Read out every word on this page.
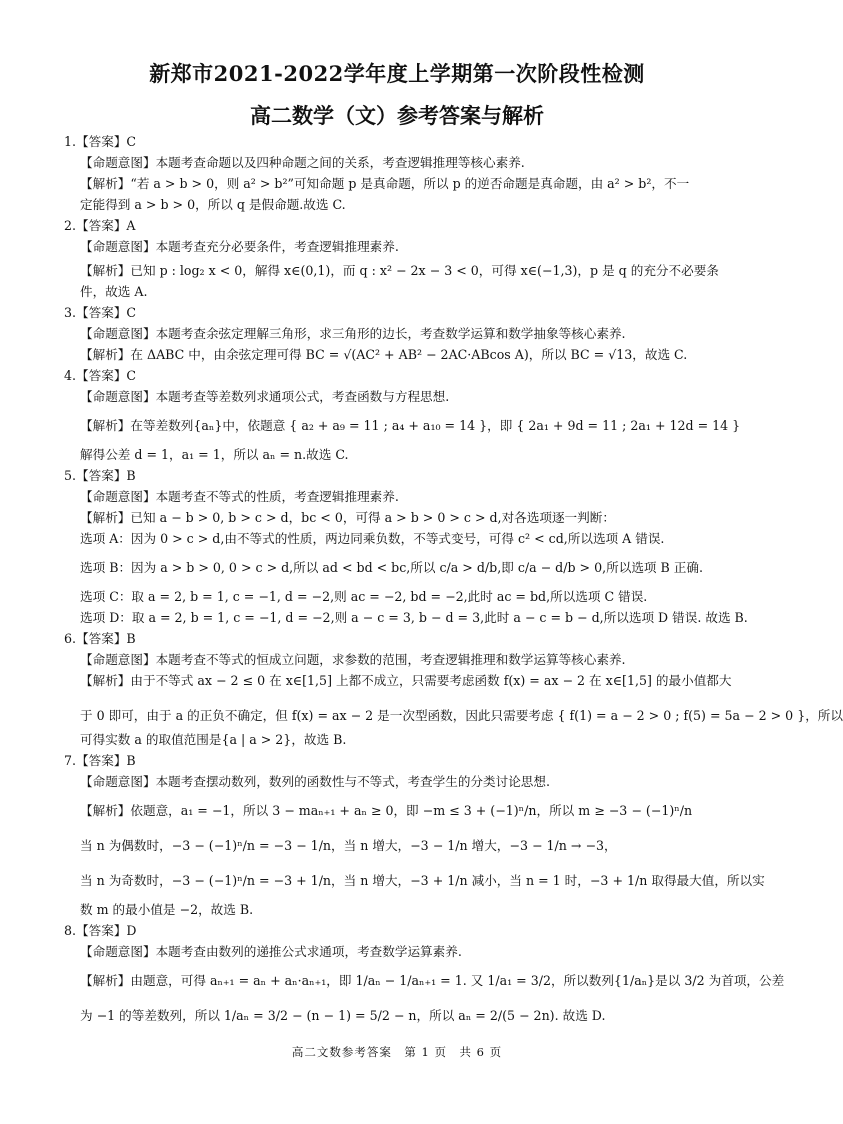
新郑市2021-2022学年度上学期第一次阶段性检测
高二数学（文）参考答案与解析
1.【答案】C
【命题意图】本题考查命题以及四种命题之间的关系，考查逻辑推理等核心素养.
【解析】“若 a > b > 0，则 a² > b²”可知命题 p 是真命题，所以 p 的逆否命题是真命题，由 a² > b²，不一
定能得到 a > b > 0，所以 q 是假命题.故选 C.
2.【答案】A
【命题意图】本题考查充分必要条件，考查逻辑推理素养.
【解析】已知 p : log₂ x < 0，解得 x∈(0,1)，而 q : x² − 2x − 3 < 0，可得 x∈(−1,3)，p 是 q 的充分不必要条
件，故选 A.
3.【答案】C
【命题意图】本题考查余弦定理解三角形，求三角形的边长，考查数学运算和数学抽象等核心素养.
【解析】在 ΔABC 中，由余弦定理可得 BC = √(AC² + AB² − 2AC·ABcos A)，所以 BC = √13，故选 C.
4.【答案】C
【命题意图】本题考查等差数列求通项公式，考查函数与方程思想.
【解析】在等差数列{aₙ}中，依题意 { a₂ + a₉ = 11 ; a₄ + a₁₀ = 14 }，即 { 2a₁ + 9d = 11 ; 2a₁ + 12d = 14 }
解得公差 d = 1，a₁ = 1，所以 aₙ = n.故选 C.
5.【答案】B
【命题意图】本题考查不等式的性质，考查逻辑推理素养.
【解析】已知 a − b > 0, b > c > d，bc < 0，可得 a > b > 0 > c > d,对各选项逐一判断：
选项 A：因为 0 > c > d,由不等式的性质，两边同乘负数，不等式变号，可得 c² < cd,所以选项 A 错误.
选项 B：因为 a > b > 0, 0 > c > d,所以 ad < bd < bc,所以 c/a > d/b,即 c/a − d/b > 0,所以选项 B 正确.
选项 C：取 a = 2, b = 1, c = −1, d = −2,则 ac = −2, bd = −2,此时 ac = bd,所以选项 C 错误.
选项 D：取 a = 2, b = 1, c = −1, d = −2,则 a − c = 3, b − d = 3,此时 a − c = b − d,所以选项 D 错误. 故选 B.
6.【答案】B
【命题意图】本题考查不等式的恒成立问题，求参数的范围，考查逻辑推理和数学运算等核心素养.
【解析】由于不等式 ax − 2 ≤ 0 在 x∈[1,5] 上都不成立，只需要考虑函数 f(x) = ax − 2 在 x∈[1,5] 的最小值都大
于 0 即可，由于 a 的正负不确定，但 f(x) = ax − 2 是一次型函数，因此只需要考虑 { f(1) = a − 2 > 0 ; f(5) = 5a − 2 > 0 }，所以
可得实数 a 的取值范围是{a | a > 2}，故选 B.
7.【答案】B
【命题意图】本题考查摆动数列，数列的函数性与不等式，考查学生的分类讨论思想.
【解析】依题意，a₁ = −1，所以 3 − maₙ₊₁ + aₙ ≥ 0，即 −m ≤ 3 + (−1)ⁿ/n，所以 m ≥ −3 − (−1)ⁿ/n
当 n 为偶数时，−3 − (−1)ⁿ/n = −3 − 1/n，当 n 增大，−3 − 1/n 增大，−3 − 1/n → −3，
当 n 为奇数时，−3 − (−1)ⁿ/n = −3 + 1/n，当 n 增大，−3 + 1/n 减小，当 n = 1 时，−3 + 1/n 取得最大值，所以实
数 m 的最小值是 −2，故选 B.
8.【答案】D
【命题意图】本题考查由数列的递推公式求通项，考查数学运算素养.
【解析】由题意，可得 aₙ₊₁ = aₙ + aₙ·aₙ₊₁，即 1/aₙ − 1/aₙ₊₁ = 1. 又 1/a₁ = 3/2，所以数列{1/aₙ}是以 3/2 为首项，公差
为 −1 的等差数列，所以 1/aₙ = 3/2 − (n − 1) = 5/2 − n，所以 aₙ = 2/(5 − 2n). 故选 D.
高二文数参考答案　第 1 页　共 6 页
